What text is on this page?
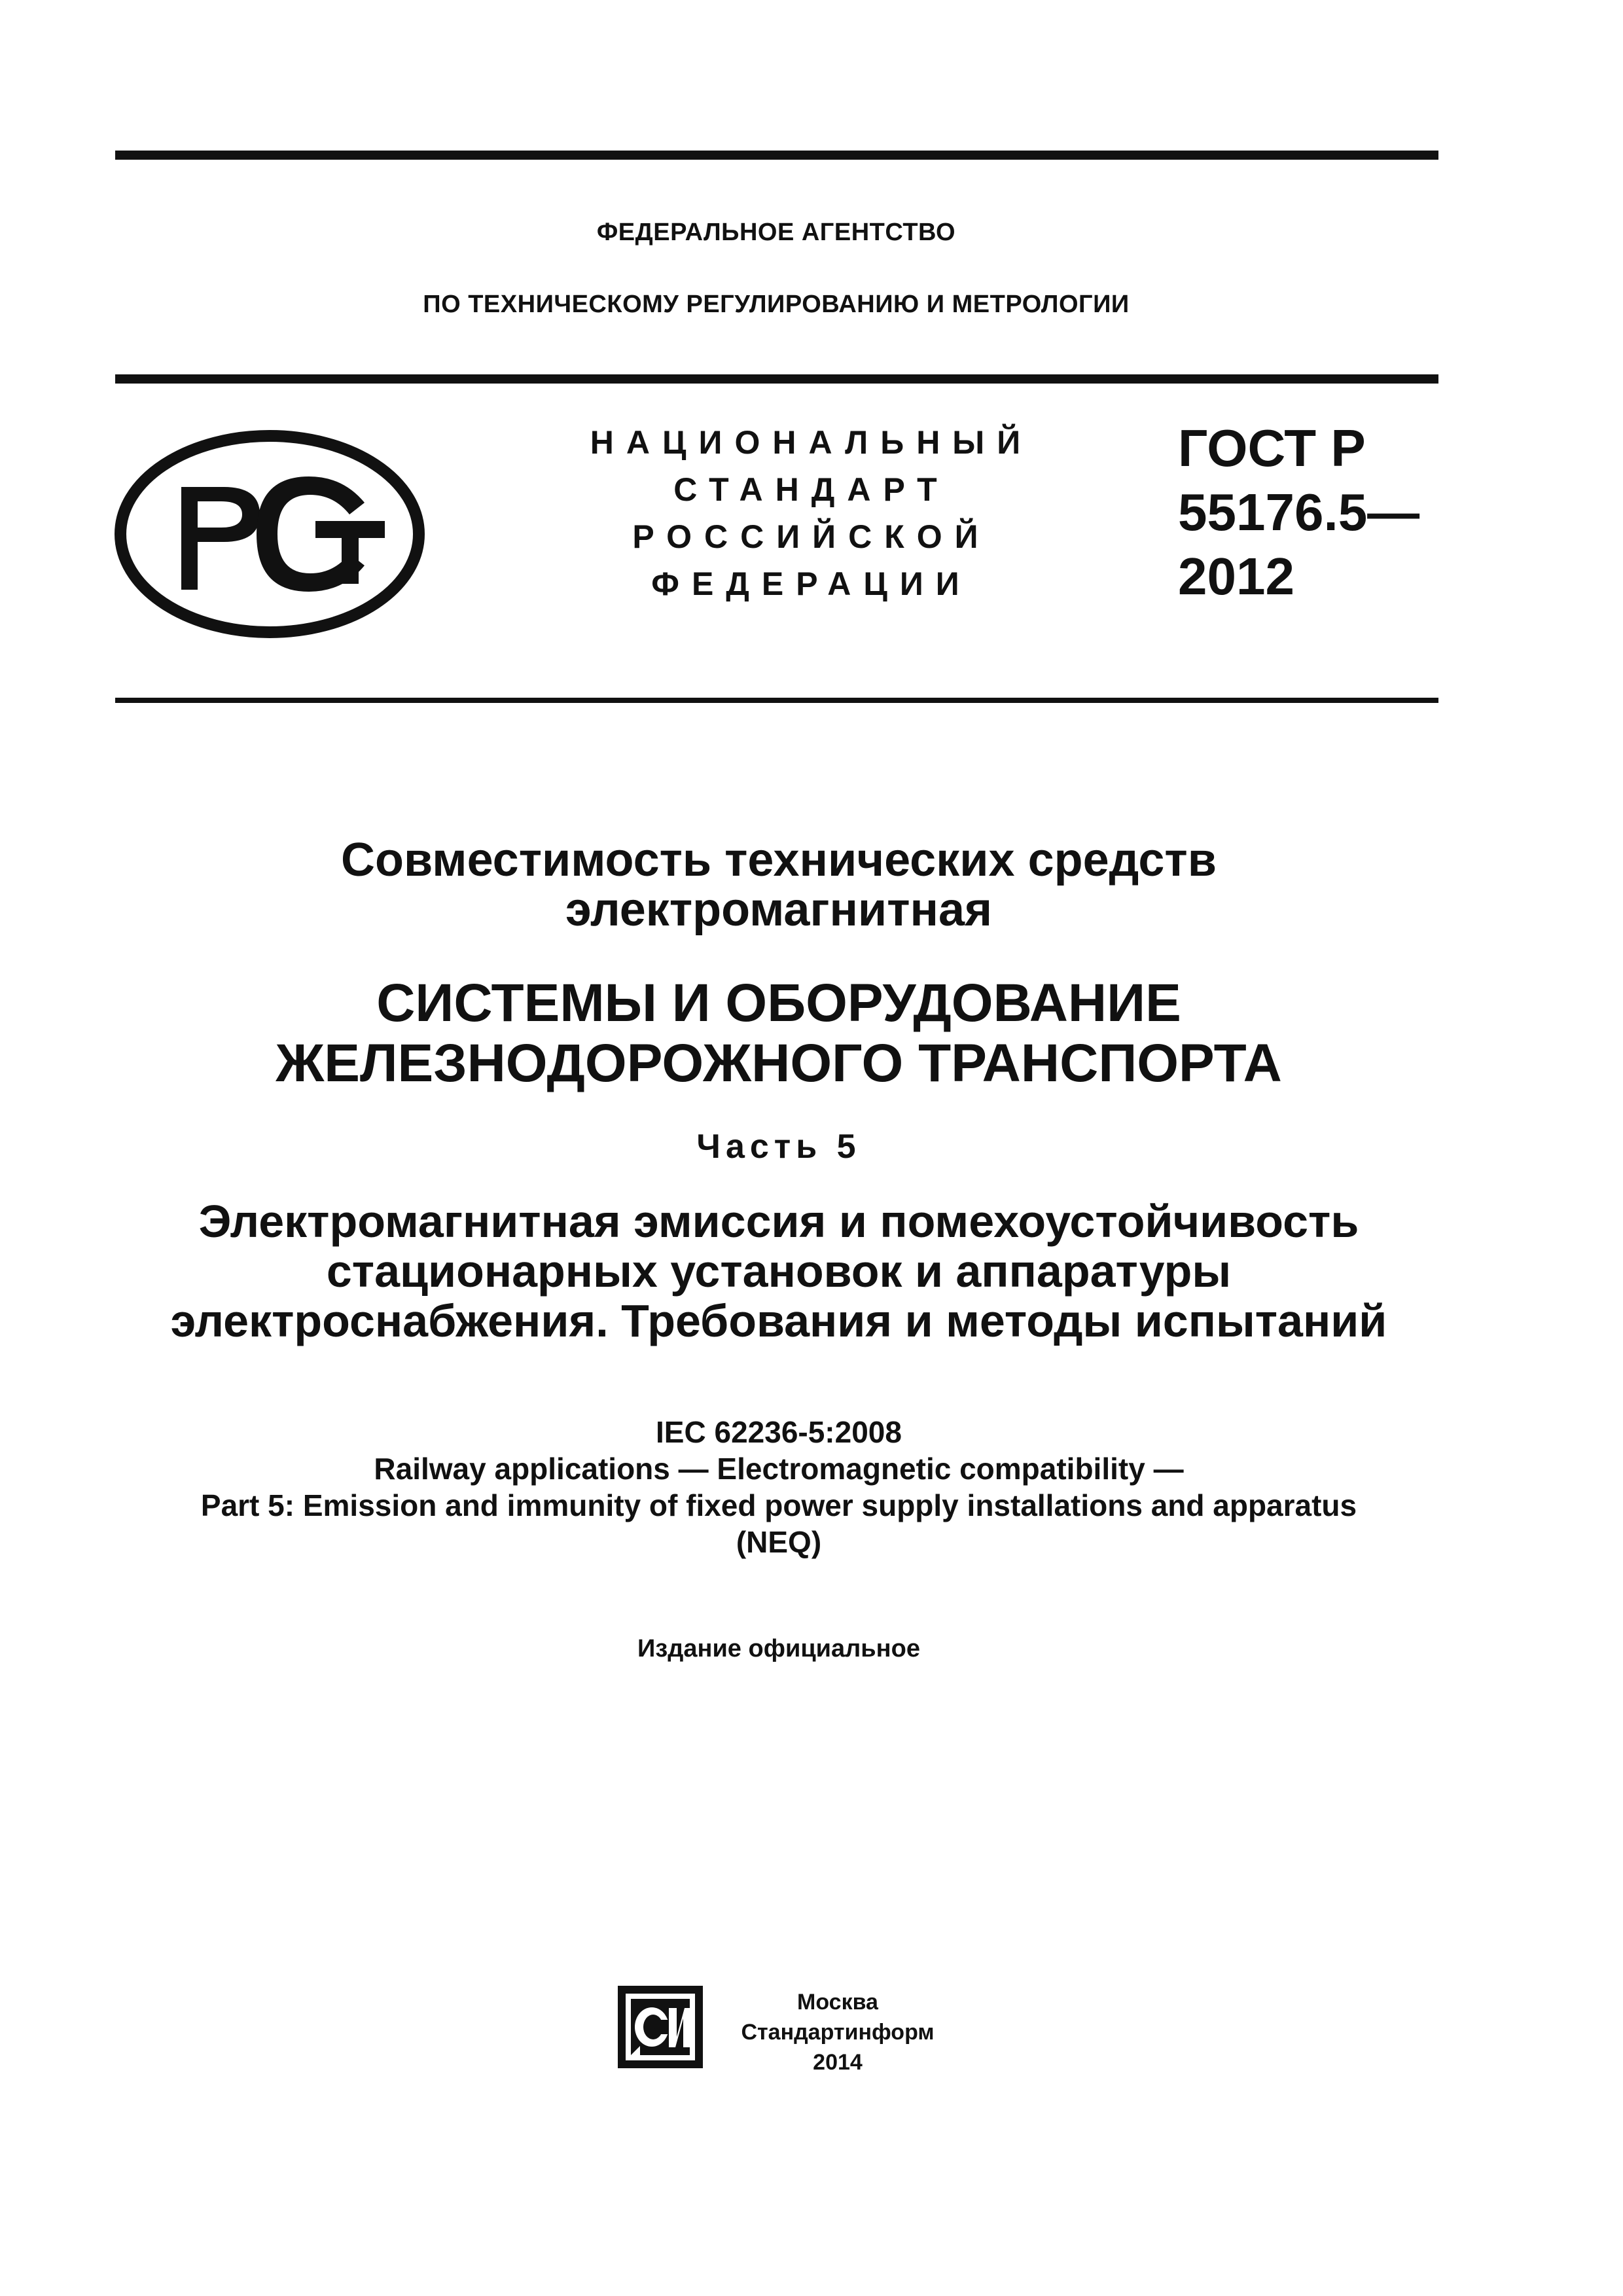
ФЕДЕРАЛЬНОЕ АГЕНТСТВО
ПО ТЕХНИЧЕСКОМУ РЕГУЛИРОВАНИЮ И МЕТРОЛОГИИ
НАЦИОНАЛЬНЫЙ
СТАНДАРТ
РОССИЙСКОЙ
ФЕДЕРАЦИИ
ГОСТ Р
55176.5—
2012
Совместимость технических средств
электромагнитная
СИСТЕМЫ И ОБОРУДОВАНИЕ
ЖЕЛЕЗНОДОРОЖНОГО ТРАНСПОРТА
Часть 5
Электромагнитная эмиссия и помехоустойчивость
стационарных установок и аппаратуры
электроснабжения. Требования и методы испытаний
IEC 62236-5:2008
Railway applications — Electromagnetic compatibility —
Part 5: Emission and immunity of fixed power supply installations and apparatus
(NEQ)
Издание официальное
Москва
Стандартинформ
2014
